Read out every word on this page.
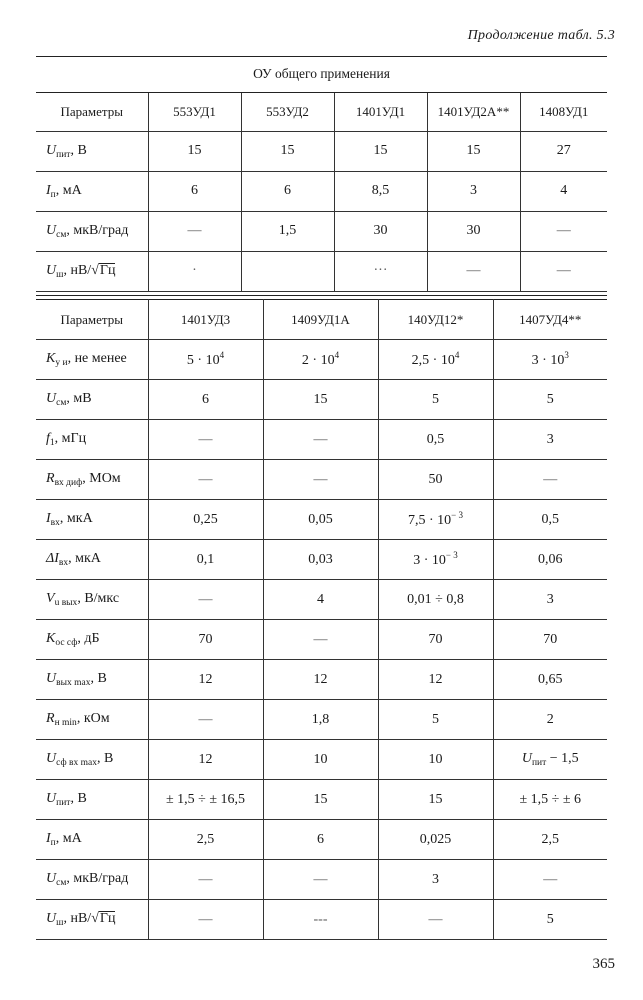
Продолжение табл. 5.3
ОУ общего применения
Параметры	553УД1	553УД2	1401УД1	1401УД2А**	1408УД1
$U_{пит}$, В	15	15	15	15	27
$I_п$, мА	6	6	8,5	3	4
$U_{см}$, мкВ/град	—	1,5	30	30	—
$U_ш$, нВ/√Гц	·		···	—	—
Параметры	1401УД3	1409УД1А	140УД12*	1407УД4**
$K_{у и}$, не менее	$5 \cdot 10^4$	$2 \cdot 10^4$	$2,5 \cdot 10^4$	$3 \cdot 10^3$
$U_{см}$, мВ	6	15	5	5
$f_1$, мГц	—	—	0,5	3
$R_{вх диф}$, МОм	—	—	50	—
$I_{вх}$, мкА	0,25	0,05	$7,5 \cdot 10^{- 3}$	0,5
$\Delta I_{вх}$, мкА	0,1	0,03	$3 \cdot 10^{- 3}$	0,06
$V_{u вых}$, В/мкс	—	4	0,01 ÷ 0,8	3
$K_{ос сф}$, дБ	70	—	70	70
$U_{вых max}$, В	12	12	12	0,65
$R_{н min}$, кОм	—	1,8	5	2
$U_{сф вх max}$, В	12	10	10	$U_{пит} - 1,5$
$U_{пит}$, В	± 1,5 ÷ ± 16,5	15	15	± 1,5 ÷ ± 6
$I_п$, мА	2,5	6	0,025	2,5
$U_{см}$, мкВ/град	—	—	3	—
$U_ш$, нВ/√Гц	—	---	—	5
365
